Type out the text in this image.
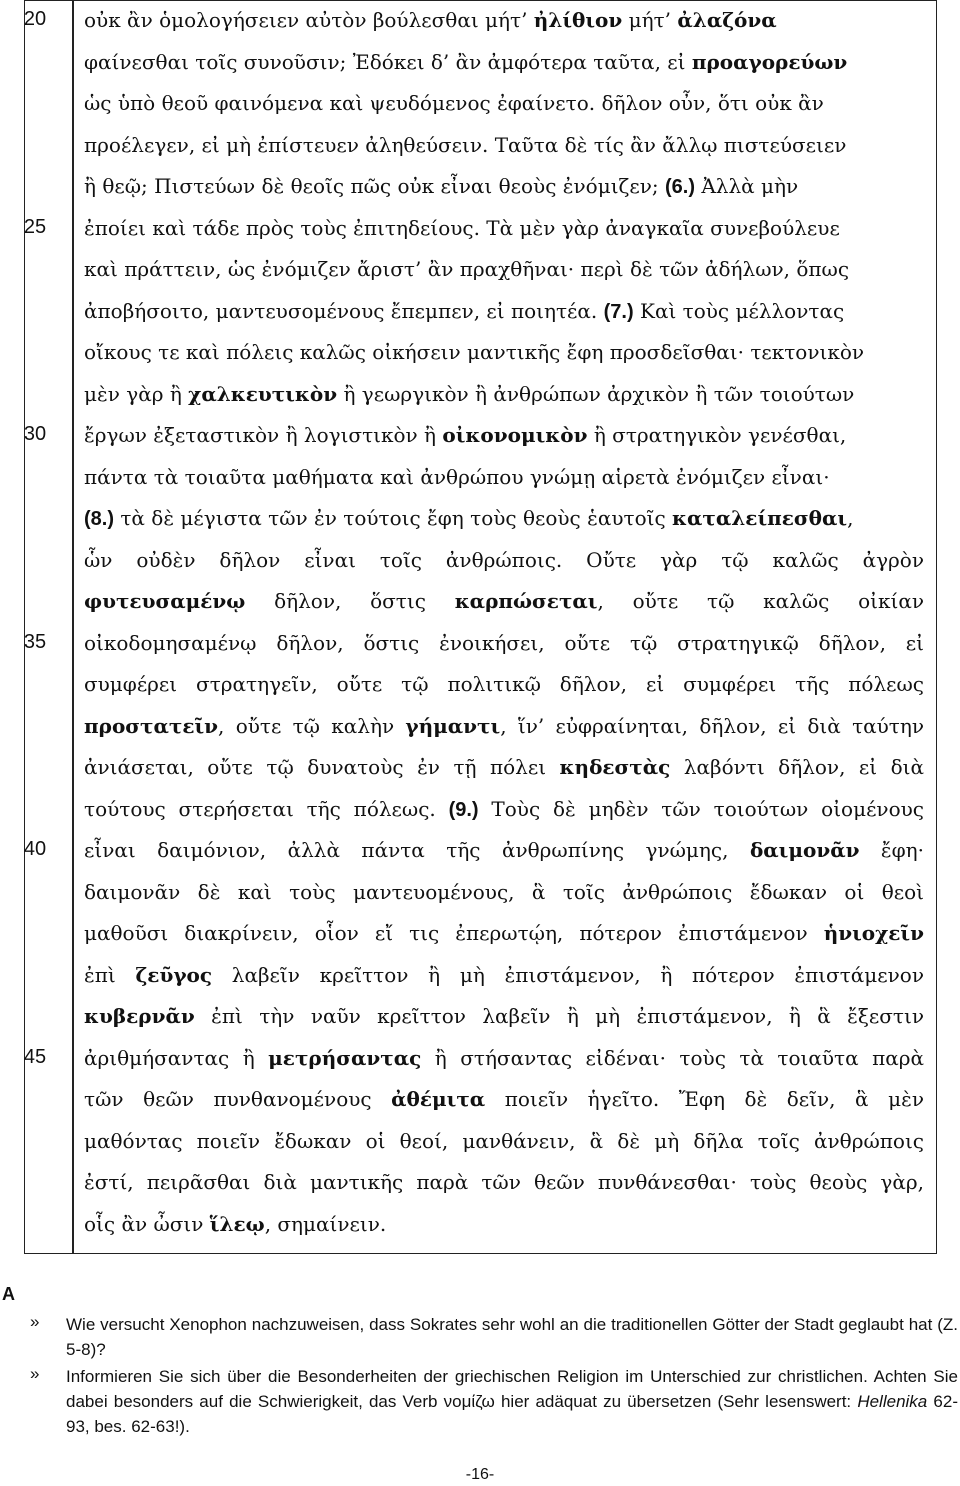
20
25
30
35
40
45
οὐκ ἂν ὁμολογήσειεν αὐτὸν βούλεσθαι μήτ’ ἠλίθιον μήτ’ ἀλαζόνα
φαίνεσθαι τοῖς συνοῦσιν; Ἐδόκει δ’ ἂν ἀμφότερα ταῦτα, εἰ προαγορεύων
ὡς ὑπὸ θεοῦ φαινόμενα καὶ ψευδόμενος ἐφαίνετο. δῆλον οὖν, ὅτι οὐκ ἂν
προέλεγεν, εἰ μὴ ἐπίστευεν ἀληθεύσειν. Ταῦτα δὲ τίς ἂν ἄλλῳ πιστεύσειεν
ἢ θεῷ; Πιστεύων δὲ θεοῖς πῶς οὐκ εἶναι θεοὺς ἐνόμιζεν; (6.) Ἀλλὰ μὴν
ἐποίει καὶ τάδε πρὸς τοὺς ἐπιτηδείους. Τὰ μὲν γὰρ ἀναγκαῖα συνεβούλευε
καὶ πράττειν, ὡς ἐνόμιζεν ἄριστ’ ἂν πραχθῆναι· περὶ δὲ τῶν ἀδήλων, ὅπως
ἀποβήσοιτο, μαντευσομένους ἔπεμπεν, εἰ ποιητέα. (7.) Καὶ τοὺς μέλλοντας
οἴκους τε καὶ πόλεις καλῶς οἰκήσειν μαντικῆς ἔφη προσδεῖσθαι· τεκτονικὸν
μὲν γὰρ ἢ χαλκευτικὸν ἢ γεωργικὸν ἢ ἀνθρώπων ἀρχικὸν ἢ τῶν τοιούτων
ἔργων ἐξεταστικὸν ἢ λογιστικὸν ἢ οἰκονομικὸν ἢ στρατηγικὸν γενέσθαι,
πάντα τὰ τοιαῦτα μαθήματα καὶ ἀνθρώπου γνώμῃ αἱρετὰ ἐνόμιζεν εἶναι·
(8.) τὰ δὲ μέγιστα τῶν ἐν τούτοις ἔφη τοὺς θεοὺς ἑαυτοῖς καταλείπεσθαι,
ὧν οὐδὲν δῆλον εἶναι τοῖς ἀνθρώποις. Οὔτε γὰρ τῷ καλῶς ἀγρὸν
φυτευσαμένῳ δῆλον, ὅστις καρπώσεται, οὔτε τῷ καλῶς οἰκίαν
οἰκοδομησαμένῳ δῆλον, ὅστις ἐνοικήσει, οὔτε τῷ στρατηγικῷ δῆλον, εἰ
συμφέρει στρατηγεῖν, οὔτε τῷ πολιτικῷ δῆλον, εἰ συμφέρει τῆς πόλεως
προστατεῖν, οὔτε τῷ καλὴν γήμαντι, ἵν’ εὐφραίνηται, δῆλον, εἰ διὰ ταύτην
ἀνιάσεται, οὔτε τῷ δυνατοὺς ἐν τῇ πόλει κηδεστὰς λαβόντι δῆλον, εἰ διὰ
τούτους στερήσεται τῆς πόλεως. (9.) Τοὺς δὲ μηδὲν τῶν τοιούτων οἰομένους
εἶναι δαιμόνιον, ἀλλὰ πάντα τῆς ἀνθρωπίνης γνώμης, δαιμονᾶν ἔφη·
δαιμονᾶν δὲ καὶ τοὺς μαντευομένους, ἃ τοῖς ἀνθρώποις ἔδωκαν οἱ θεοὶ
μαθοῦσι διακρίνειν, οἷον εἴ τις ἐπερωτῴη, πότερον ἐπιστάμενον ἡνιοχεῖν
ἐπὶ ζεῦγος λαβεῖν κρεῖττον ἢ μὴ ἐπιστάμενον, ἢ πότερον ἐπιστάμενον
κυβερνᾶν ἐπὶ τὴν ναῦν κρεῖττον λαβεῖν ἢ μὴ ἐπιστάμενον, ἢ ἃ ἔξεστιν
ἀριθμήσαντας ἢ μετρήσαντας ἢ στήσαντας εἰδέναι· τοὺς τὰ τοιαῦτα παρὰ
τῶν θεῶν πυνθανομένους ἀθέμιτα ποιεῖν ἡγεῖτο. Ἔφη δὲ δεῖν, ἃ μὲν
μαθόντας ποιεῖν ἔδωκαν οἱ θεοί, μανθάνειν, ἃ δὲ μὴ δῆλα τοῖς ἀνθρώποις
ἐστί, πειρᾶσθαι διὰ μαντικῆς παρὰ τῶν θεῶν πυνθάνεσθαι· τοὺς θεοὺς γὰρ,
οἷς ἂν ὦσιν ἵλεῳ, σημαίνειν.
A
» Wie versucht Xenophon nachzuweisen, dass Sokrates sehr wohl an die traditionellen Götter der Stadt geglaubt hat (Z. 5-8)?
» Informieren Sie sich über die Besonderheiten der griechischen Religion im Unterschied zur christlichen. Achten Sie dabei besonders auf die Schwierigkeit, das Verb νομίζω hier adäquat zu übersetzen (Sehr lesenswert: Hellenika 62-93, bes. 62-63!).
-16-
